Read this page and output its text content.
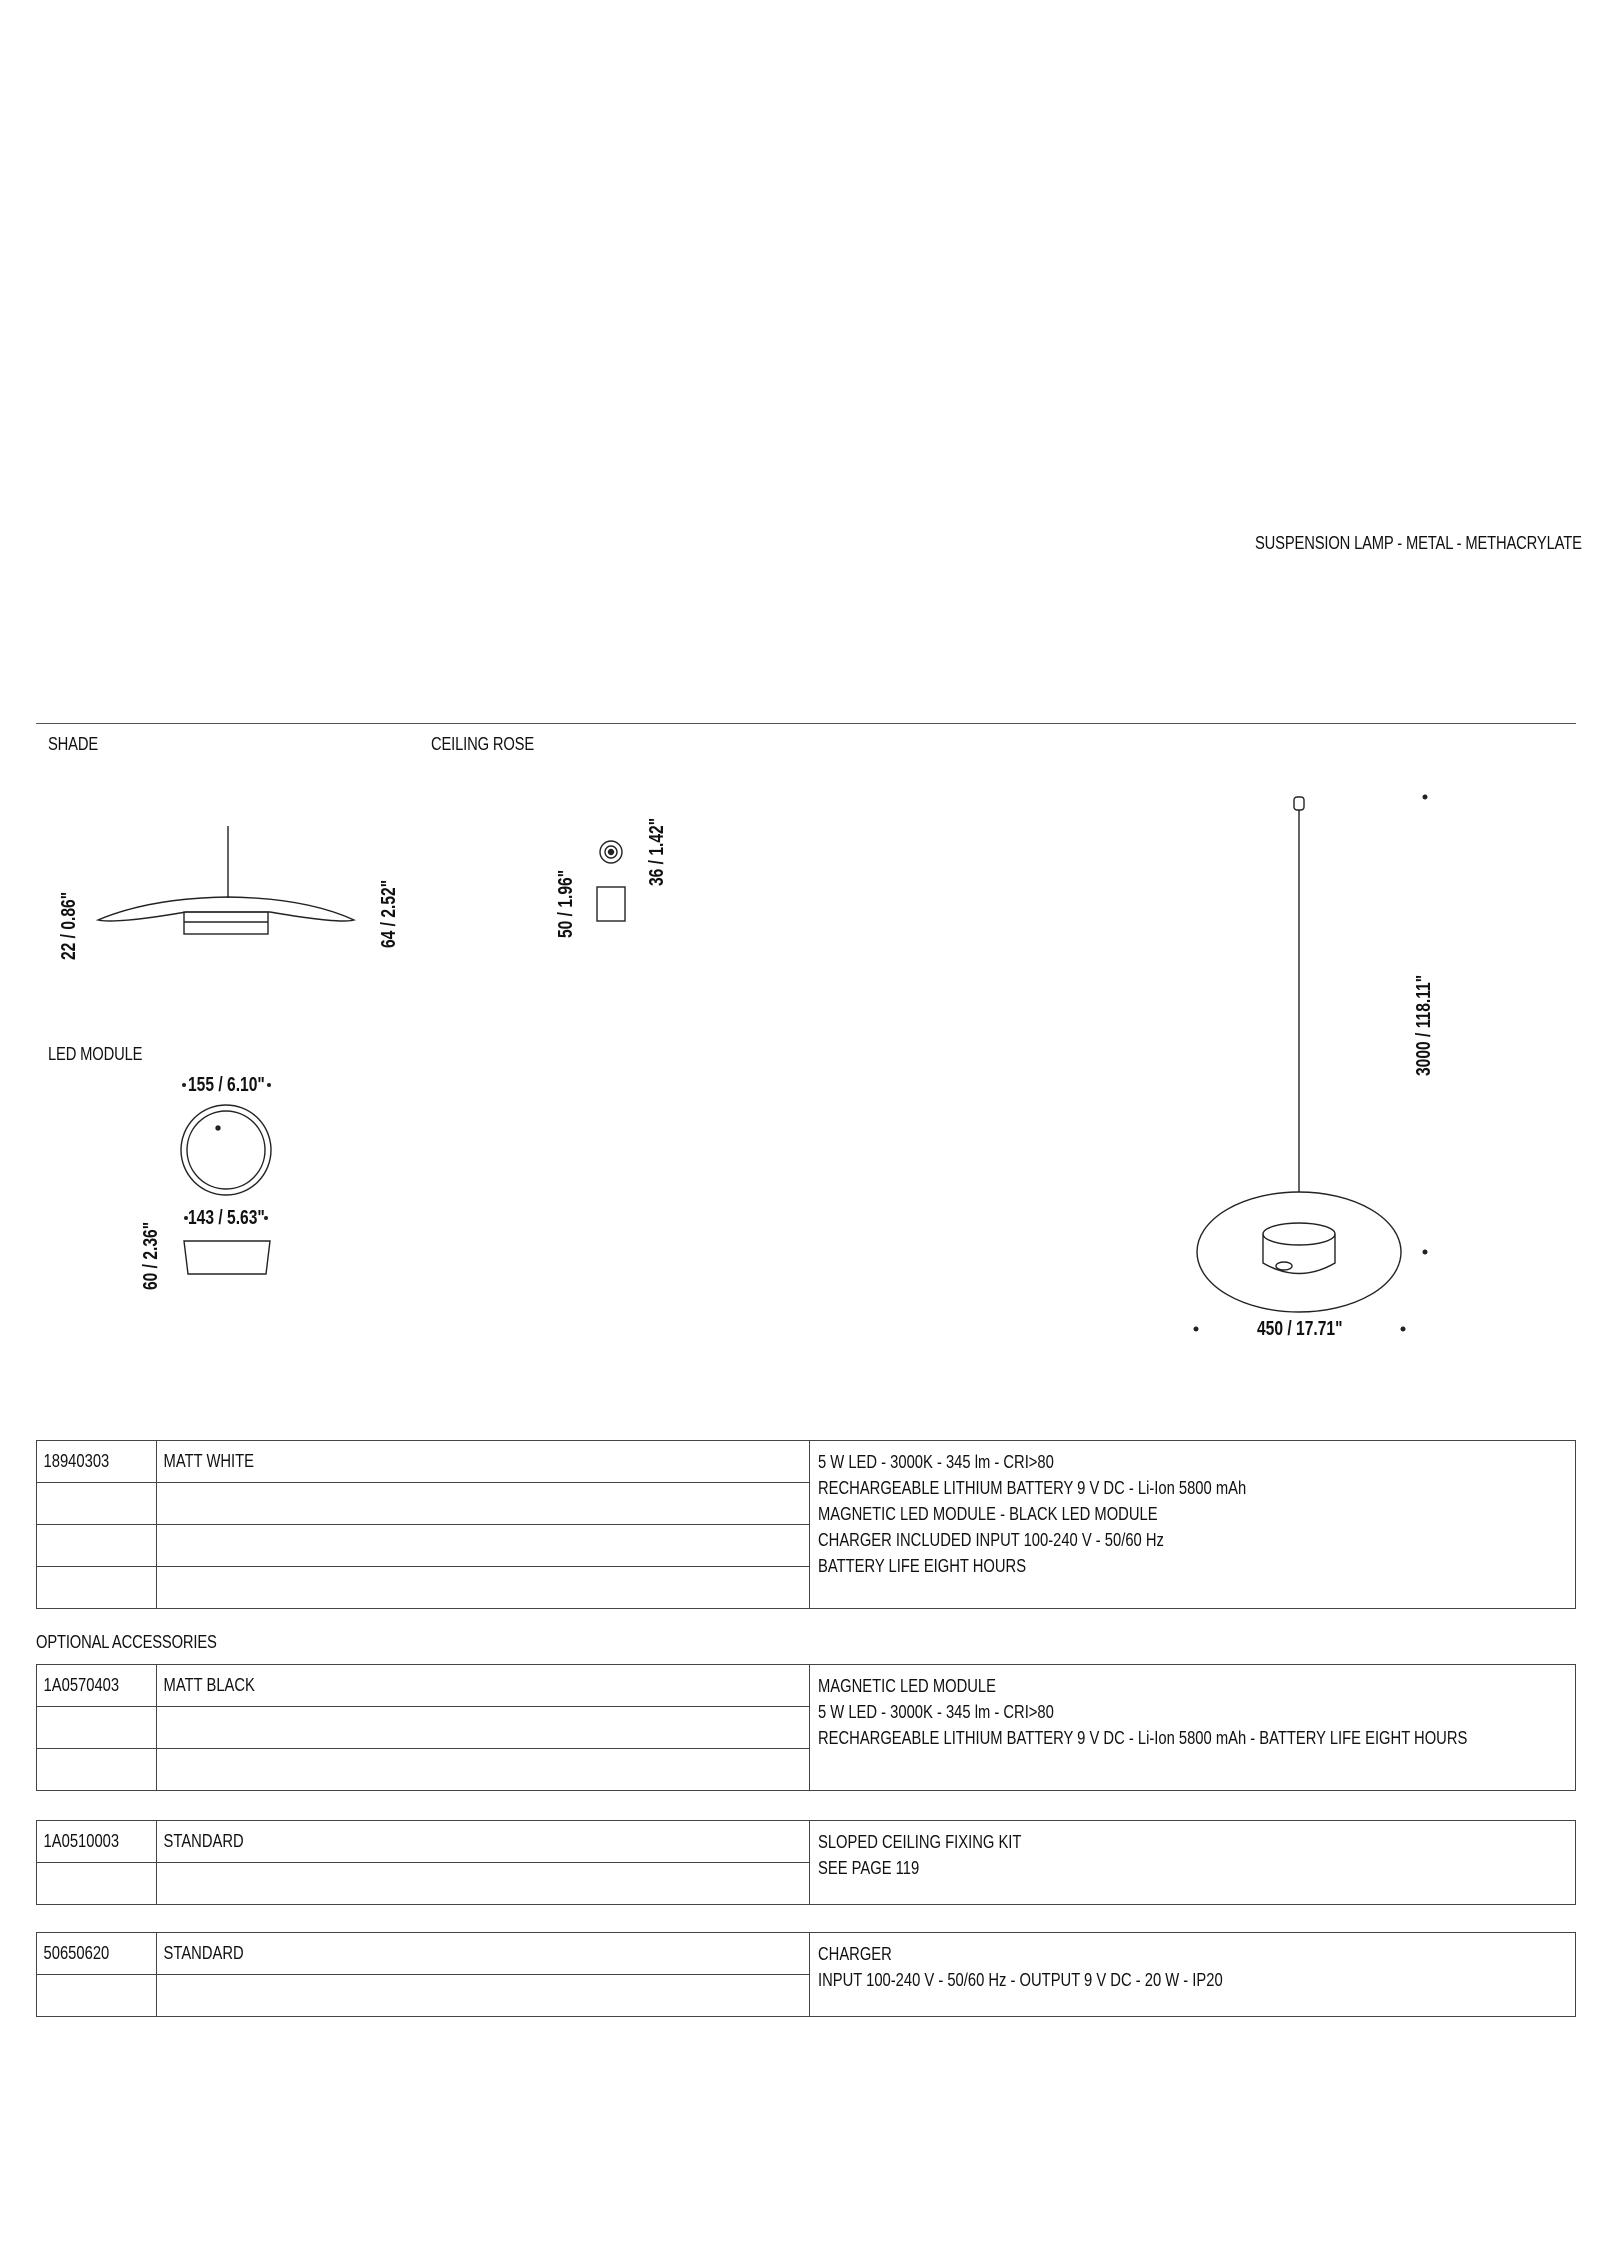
SUSPENSION LAMP - METAL - METHACRYLATE
SHADE	CEILING ROSE
LED MODULE
22 / 0.86"	64 / 2.52"	50 / 1.96"
36 / 1.42"
60 / 2.36"
3000 / 118.11"
155 / 6.10"
143 / 5.63"
450 / 17.71"
18940303	MATT WHITE	5 W LED - 3000K - 345 lm - CRI>80
RECHARGEABLE LITHIUM BATTERY 9 V DC - Li-Ion 5800 mAh
MAGNETIC LED MODULE - BLACK LED MODULE
CHARGER INCLUDED INPUT 100-240 V - 50/60 Hz
BATTERY LIFE EIGHT HOURS

OPTIONAL ACCESSORIES
1A0570403	MATT BLACK	MAGNETIC LED MODULE
5 W LED - 3000K - 345 lm - CRI>80
RECHARGEABLE LITHIUM BATTERY 9 V DC - Li-Ion 5800 mAh - BATTERY LIFE EIGHT HOURS

1A0510003	STANDARD	SLOPED CEILING FIXING KIT
SEE PAGE 119

50650620	STANDARD	CHARGER
INPUT 100-240 V - 50/60 Hz - OUTPUT 9 V DC - 20 W - IP20
